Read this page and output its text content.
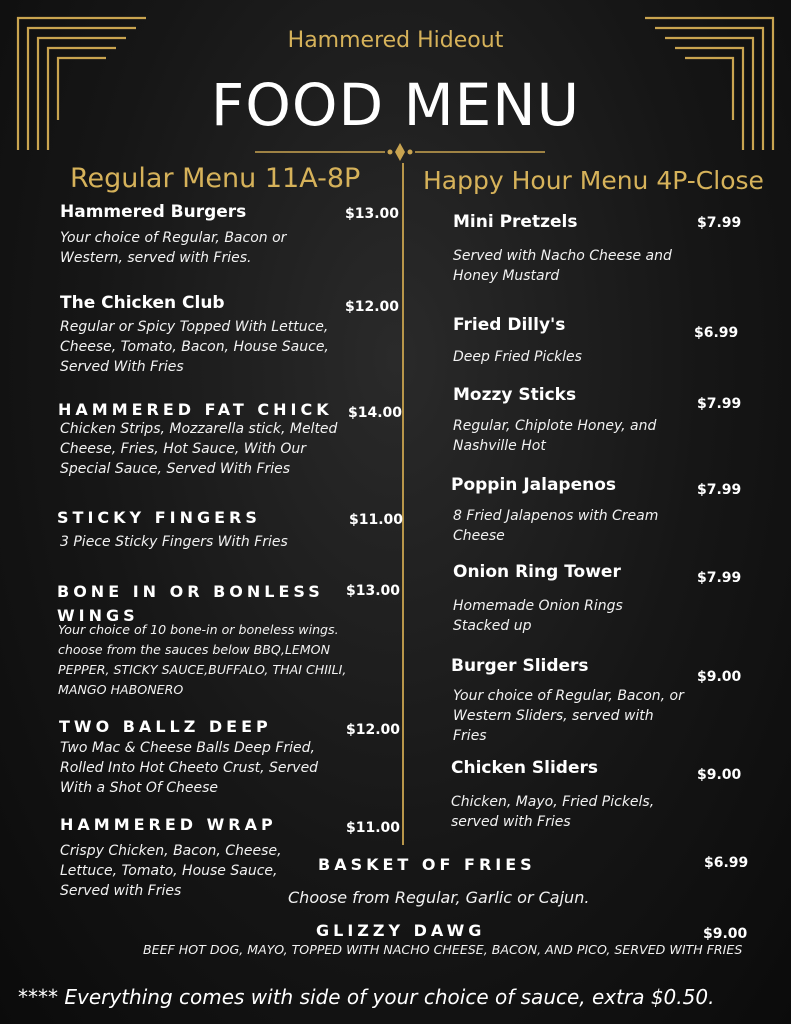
Hammered Hideout
FOOD MENU
Regular Menu 11A-8P	Happy Hour Menu 4P-Close
Hammered Burgers	$13.00
Your choice of Regular, Bacon or Western, served with Fries.
The Chicken Club	$12.00
Regular or Spicy Topped With Lettuce, Cheese, Tomato, Bacon, House Sauce, Served With Fries
HAMMERED FAT CHICK $14.00
Chicken Strips, Mozzarella stick, Melted Cheese, Fries, Hot Sauce, With Our Special Sauce, Served With Fries
STICKY FINGERS	$11.00
3 Piece Sticky Fingers With Fries
BONE IN OR BONLESS WINGS
$13.00
Your choice of 10 bone-in or boneless wings. choose from the sauces below BBQ,LEMON PEPPER, STICKY SAUCE,BUFFALO, THAI CHIILI, MANGO HABONERO
TWO BALLZ DEEP	$12.00
Two Mac & Cheese Balls Deep Fried, Rolled Into Hot Cheeto Crust, Served With a Shot Of Cheese
HAMMERED WRAP	$11.00
Crispy Chicken, Bacon, Cheese, Lettuce, Tomato, House Sauce, Served with Fries
Mini Pretzels	$7.99
Served with Nacho Cheese and Honey Mustard
Fried Dilly's	$6.99
Deep Fried Pickles
Mozzy Sticks	$7.99
Regular, Chiplote Honey, and Nashville Hot
Poppin Jalapenos	$7.99
8 Fried Jalapenos with Cream Cheese
Onion Ring Tower	$7.99
Homemade Onion Rings Stacked up
Burger Sliders
$9.00
Your choice of Regular, Bacon, or Western Sliders, served with Fries
Chicken Sliders	$9.00
Chicken, Mayo, Fried Pickels, served with Fries
BASKET OF FRIES	$6.99
Choose from Regular, Garlic or Cajun.
GLIZZY DAWG	$9.00
BEEF HOT DOG, MAYO, TOPPED WITH NACHO CHEESE, BACON, AND PICO, SERVED WITH FRIES
**** Everything comes with side of your choice of sauce, extra $0.50.
